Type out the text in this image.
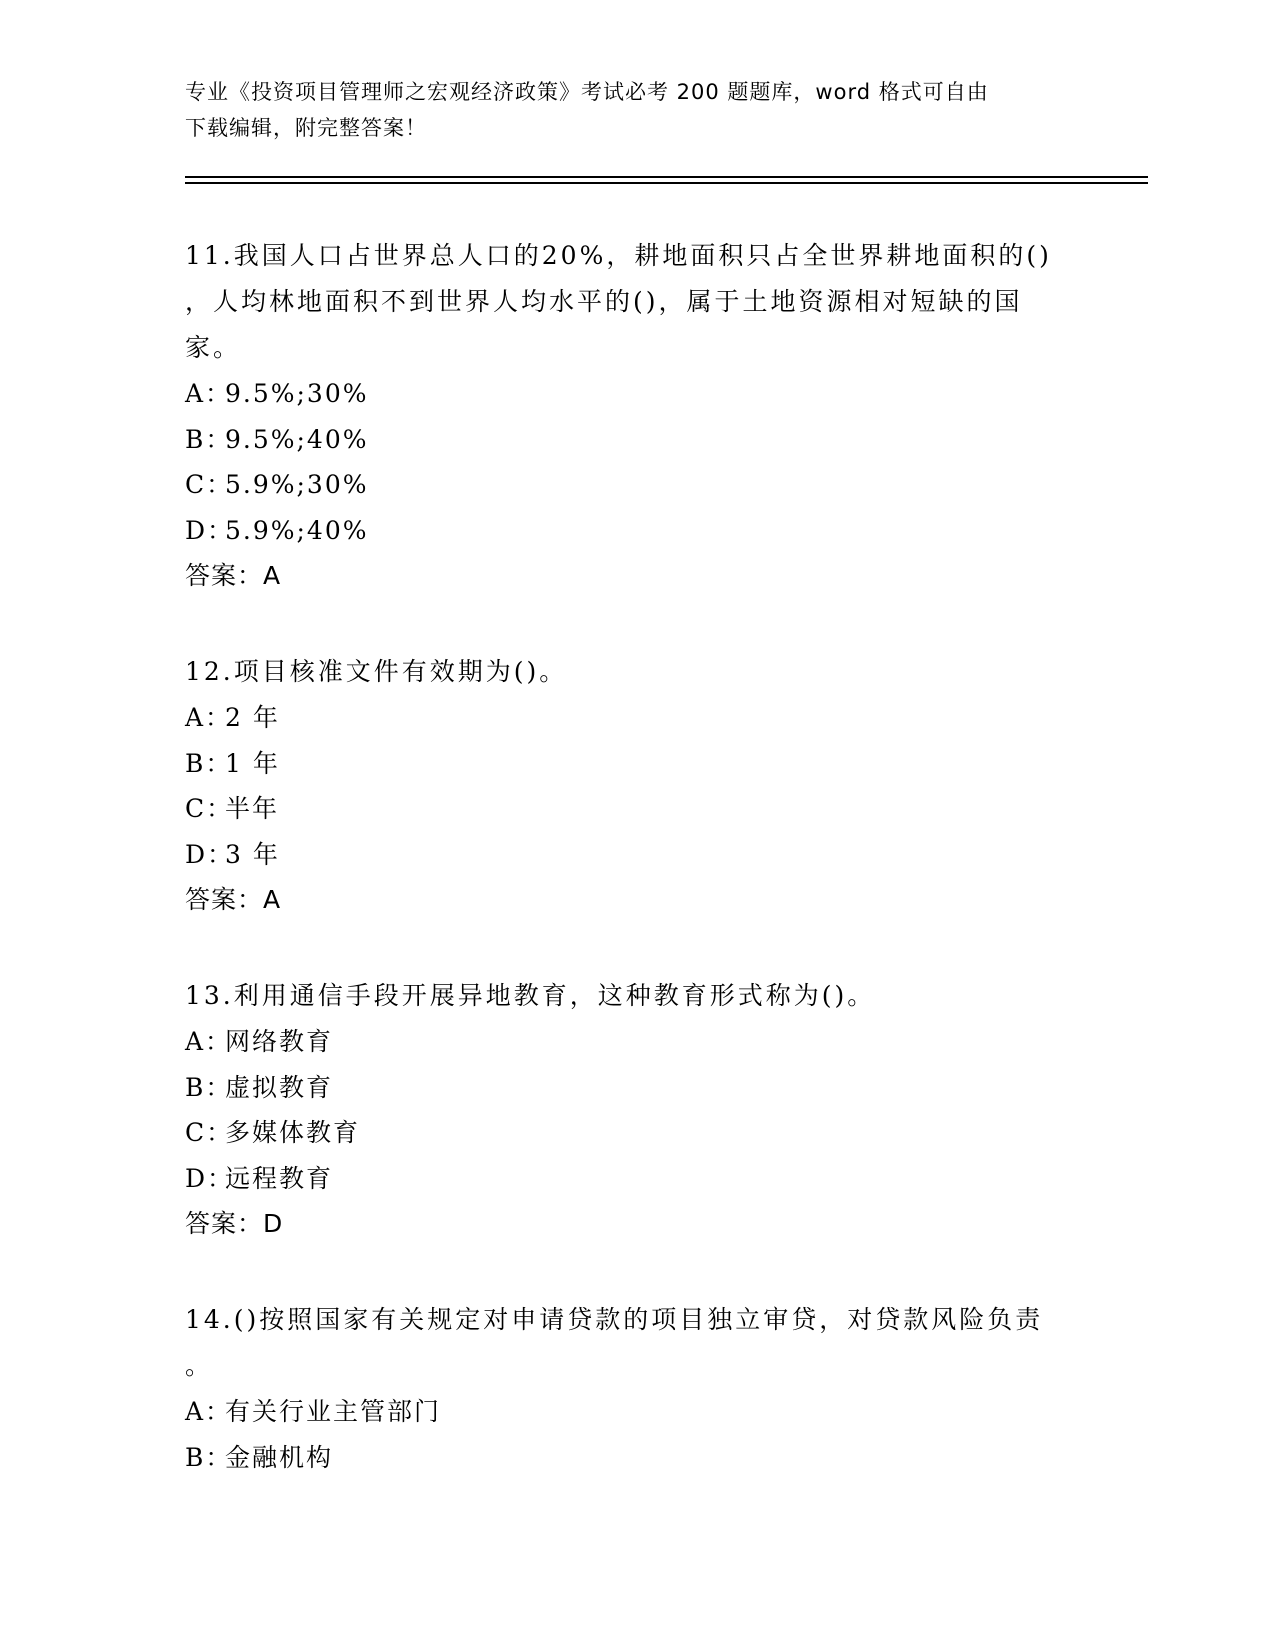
专业《投资项目管理师之宏观经济政策》考试必考 200 题题库，word 格式可自由
下载编辑，附完整答案！
11.我国人口占世界总人口的20%，耕地面积只占全世界耕地面积的()
，人均林地面积不到世界人均水平的()，属于土地资源相对短缺的国
家。
A：9.5%;30%
B：9.5%;40%
C：5.9%;30%
D：5.9%;40%
答案：A
12.项目核准文件有效期为()。
A：2 年
B：1 年
C：半年
D：3 年
答案：A
13.利用通信手段开展异地教育，这种教育形式称为()。
A：网络教育
B：虚拟教育
C：多媒体教育
D：远程教育
答案：D
14.()按照国家有关规定对申请贷款的项目独立审贷，对贷款风险负责
。
A：有关行业主管部门
B：金融机构
